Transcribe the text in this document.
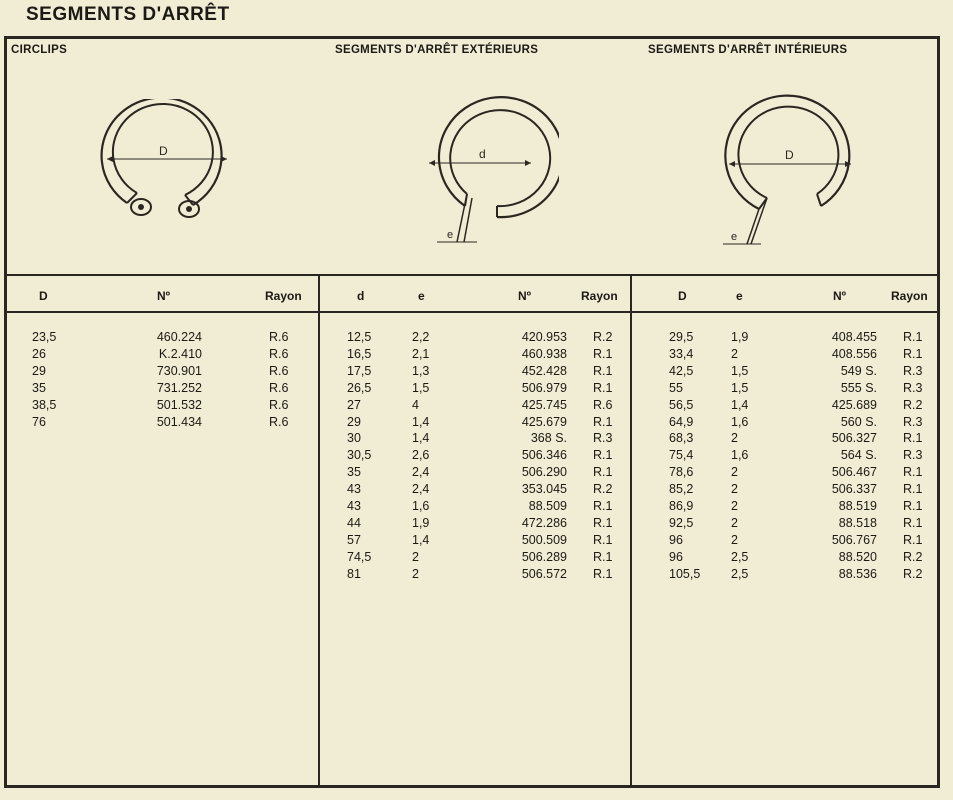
SEGMENTS D'ARRÊT
CIRCLIPS	SEGMENTS D'ARRÊT EXTÉRIEURS	SEGMENTS D'ARRÊT INTÉRIEURS
D
e
d
e
D
D	Nº	Rayon	d	e	Nº	Rayon	D	e	Nº	Rayon
23,5	460.224	R.6
26	K.2.410	R.6
29	730.901	R.6
35	731.252	R.6
38,5	501.532	R.6
76	501.434	R.6
12,5	2,2	420.953 R.2
16,5	2,1	460.938 R.1
17,5	1,3	452.428 R.1
26,5	1,5	506.979 R.1
27	4	425.745 R.6
29	1,4	425.679 R.1
30	1,4	368 S. R.3
30,5	2,6	506.346 R.1
35	2,4	506.290 R.1
43	2,4	353.045 R.2
43	1,6	88.509 R.1
44	1,9	472.286 R.1
57	1,4	500.509 R.1
74,5	2	506.289 R.1
81	2	506.572 R.1
29,5	1,9	408.455 R.1
33,4	2	408.556 R.1
42,5	1,5	549 S. R.3
55	1,5	555 S. R.3
56,5	1,4	425.689 R.2
64,9	1,6	560 S. R.3
68,3	2	506.327 R.1
75,4	1,6	564 S. R.3
78,6	2	506.467 R.1
85,2	2	506.337 R.1
86,9	2	88.519 R.1
92,5	2	88.518 R.1
96	2	506.767 R.1
96	2,5	88.520 R.2
105,5	2,5	88.536 R.2
